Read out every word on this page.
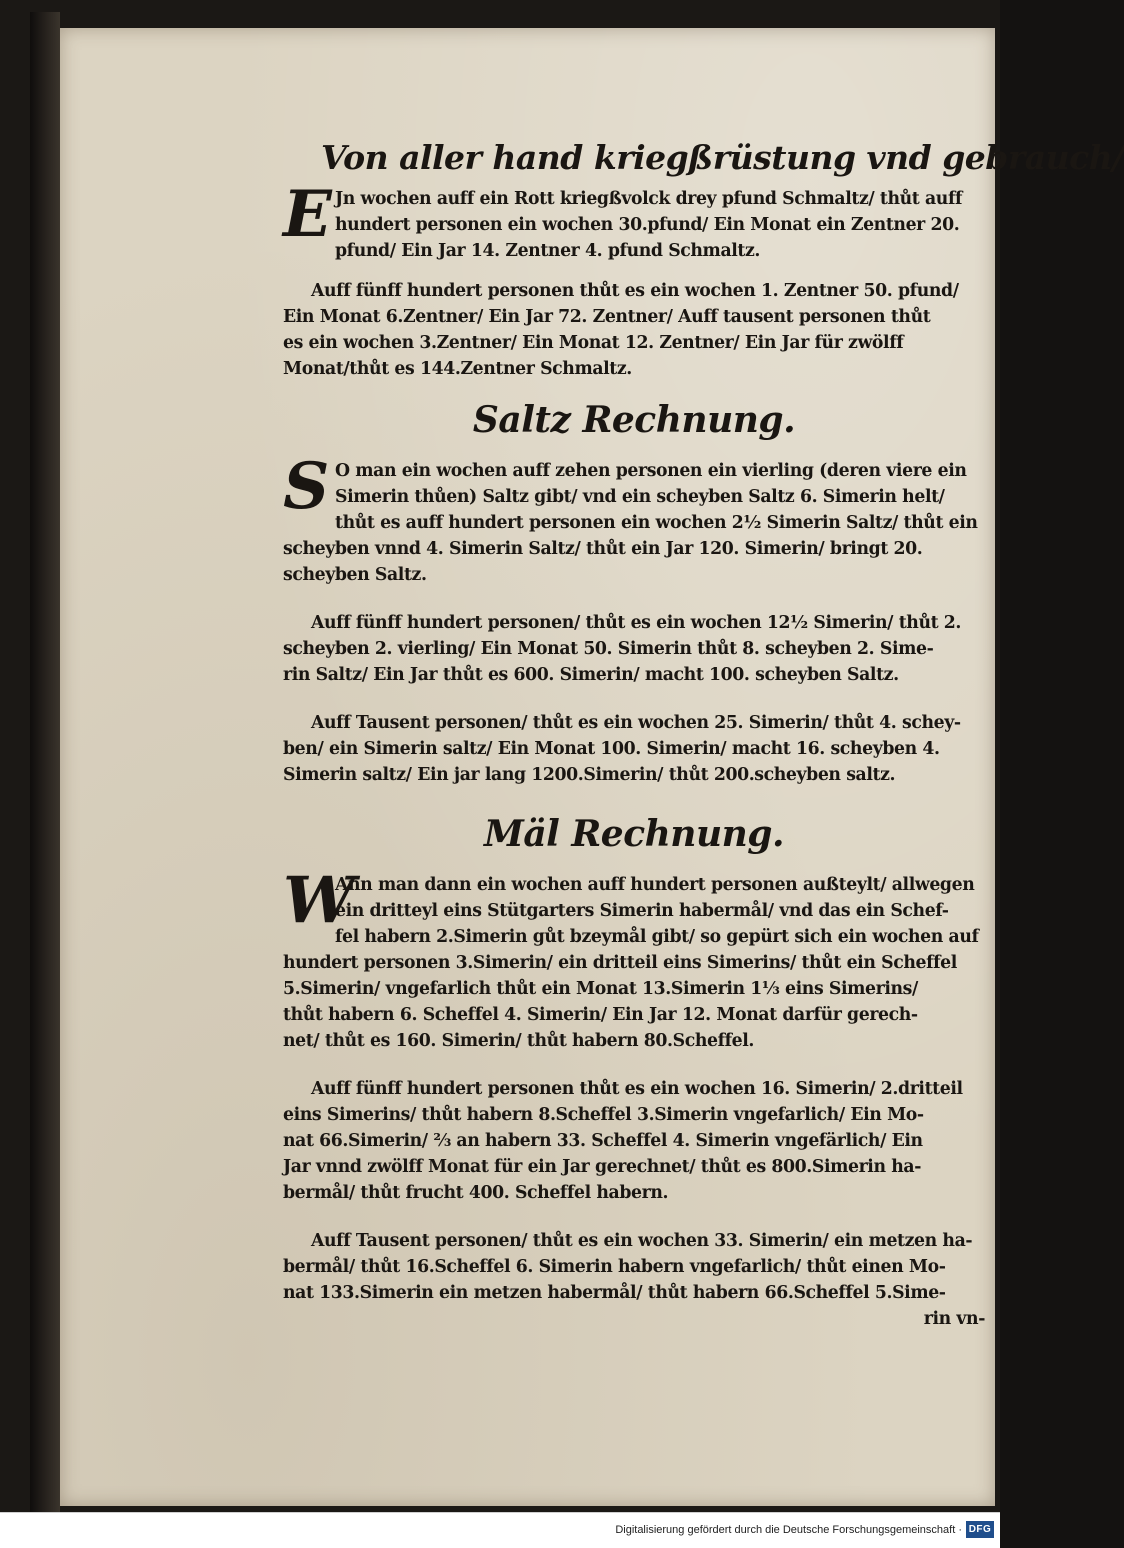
Von aller hand kriegßrüstung vnd gebrauch/
E Jn wochen auff ein Rott kriegßvolck drey pfund Schmaltz/ thůt auff
hundert personen ein wochen 30.pfund/ Ein Monat ein Zentner 20.
pfund/ Ein Jar 14. Zentner 4. pfund Schmaltz.
Auff fünff hundert personen thůt es ein wochen 1. Zentner 50. pfund/
Ein Monat 6.Zentner/ Ein Jar 72. Zentner/ Auff tausent personen thůt
es ein wochen 3.Zentner/ Ein Monat 12. Zentner/ Ein Jar für zwölff
Monat/thůt es 144.Zentner Schmaltz.
Saltz Rechnung.
S O man ein wochen auff zehen personen ein vierling (deren viere ein
Simerin thůen) Saltz gibt/ vnd ein scheyben Saltz 6. Simerin helt/
thůt es auff hundert personen ein wochen 2½ Simerin Saltz/ thůt ein
scheyben vnnd 4. Simerin Saltz/ thůt ein Jar 120. Simerin/ bringt 20.
scheyben Saltz.
Auff fünff hundert personen/ thůt es ein wochen 12½ Simerin/ thůt 2.
scheyben 2. vierling/ Ein Monat 50. Simerin thůt 8. scheyben 2. Sime-
rin Saltz/ Ein Jar thůt es 600. Simerin/ macht 100. scheyben Saltz.
Auff Tausent personen/ thůt es ein wochen 25. Simerin/ thůt 4. schey-
ben/ ein Simerin saltz/ Ein Monat 100. Simerin/ macht 16. scheyben 4.
Simerin saltz/ Ein jar lang 1200.Simerin/ thůt 200.scheyben saltz.
Mäl Rechnung.
W
Ann man dann ein wochen auff hundert personen außteylt/ allwegen
ein dritteyl eins Stütgarters Simerin habermål/ vnd das ein Schef-
fel habern 2.Simerin gůt bzeymål gibt/ so gepürt sich ein wochen auf
hundert personen 3.Simerin/ ein dritteil eins Simerins/ thůt ein Scheffel
5.Simerin/ vngefarlich thůt ein Monat 13.Simerin 1⅓ eins Simerins/
thůt habern 6. Scheffel 4. Simerin/ Ein Jar 12. Monat darfür gerech-
net/ thůt es 160. Simerin/ thůt habern 80.Scheffel.
Auff fünff hundert personen thůt es ein wochen 16. Simerin/ 2.dritteil
eins Simerins/ thůt habern 8.Scheffel 3.Simerin vngefarlich/ Ein Mo-
nat 66.Simerin/ ⅔ an habern 33. Scheffel 4. Simerin vngefärlich/ Ein
Jar vnnd zwölff Monat für ein Jar gerechnet/ thůt es 800.Simerin ha-
bermål/ thůt frucht 400. Scheffel habern.
Auff Tausent personen/ thůt es ein wochen 33. Simerin/ ein metzen ha-
bermål/ thůt 16.Scheffel 6. Simerin habern vngefarlich/ thůt einen Mo-
nat 133.Simerin ein metzen habermål/ thůt habern 66.Scheffel 5.Sime-
rin vn-
Digitalisierung gefördert durch die Deutsche Forschungsgemeinschaft · DFG
